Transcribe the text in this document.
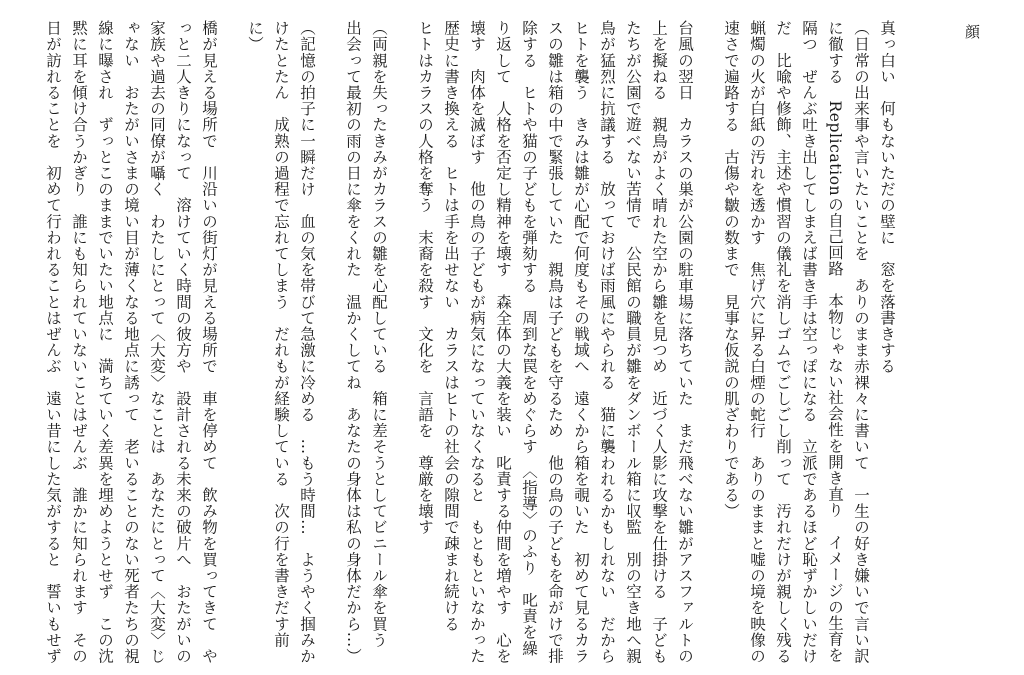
顔
真っ白い　何もないただの壁に　窓を落書きする
（日常の出来事や言いたいことを　ありのまま赤裸々に書いて　一生の好き嫌いで言い訳に徹する　Replicationの自己回路　本物じゃない社会性を開き直り　イメージの生育を隔つ　ぜんぶ吐き出してしまえば書き手は空っぽになる　立派であるほど恥ずかしいだけだ　比喩や修飾、主述や慣習の儀礼を消しゴムでごしごし削って　汚れだけが親しく残る蝋燭の火が白紙の汚れを透かす　焦げ穴に昇る白煙の蛇行　ありのままと嘘の境を映像の速さで遍路する　古傷や皺の数まで　見事な仮説の肌ざわりである）
台風の翌日　カラスの巣が公園の駐車場に落ちていた　まだ飛べない雛がアスファルトの上を擬ねる　親鳥がよく晴れた空から雛を見つめ　近づく人影に攻撃を仕掛ける　子どもたちが公園で遊べない苦情で　公民館の職員が雛をダンボール箱に収監　別の空き地へ親鳥が猛烈に抗議する　放っておけば雨風にやられる　猫に襲われるかもしれない　だからヒトを襲う　きみは雛が心配で何度もその戦域へ　遠くから箱を覗いた　初めて見るカラスの雛は箱の中で緊張していた　親鳥は子どもを守るため　他の鳥の子どもを命がけで排除する　ヒトや猫の子どもを弾劾する　周到な罠をめぐらす　〈指導〉のふり　叱責を繰り返して　人格を否定し精神を壊す　森全体の大義を装い　叱責する仲間を増やす　心を壊す　肉体を滅ぼす　他の鳥の子どもが病気になっていなくなると　もともといなかった歴史に書き換える　ヒトは手を出せない　カラスはヒトの社会の隙間で疎まれ続ける
ヒトはカラスの人格を奪う　末裔を殺す　文化を　言語を　尊厳を壊す
（両親を失ったきみがカラスの雛を心配している　箱に差そうとしてビニール傘を買う
出会って最初の雨の日に傘をくれた　温かくしてね　あなたの身体は私の身体だから…）
（記憶の拍子に一瞬だけ　血の気を帯びて急激に冷める　…もう時間…　ようやく掴みかけたとたん　成熟の過程で忘れてしまう　だれもが経験している　次の行を書きだす前に）
橋が見える場所で　川沿いの街灯が見える場所で　車を停めて　飲み物を買ってきて　やっと二人きりになって　溶けていく時間の彼方や　設計される未来の破片へ　おたがいの家族や過去の同僚が囁く　わたしにとって〈大変〉なことは　あなたにとって〈大変〉じゃない　おたがいさまの境い目が薄くなる地点に誘って　老いることのない死者たちの視線に曝され　ずっとこのままでいたい地点に　満ちていく差異を埋めようとせず　この沈黙に耳を傾け合うかぎり　誰にも知られていないことはぜんぶ　誰かに知られます　その日が訪れることを　初めて行われることはぜんぶ　遠い昔にした気がすると　誓いもせず
